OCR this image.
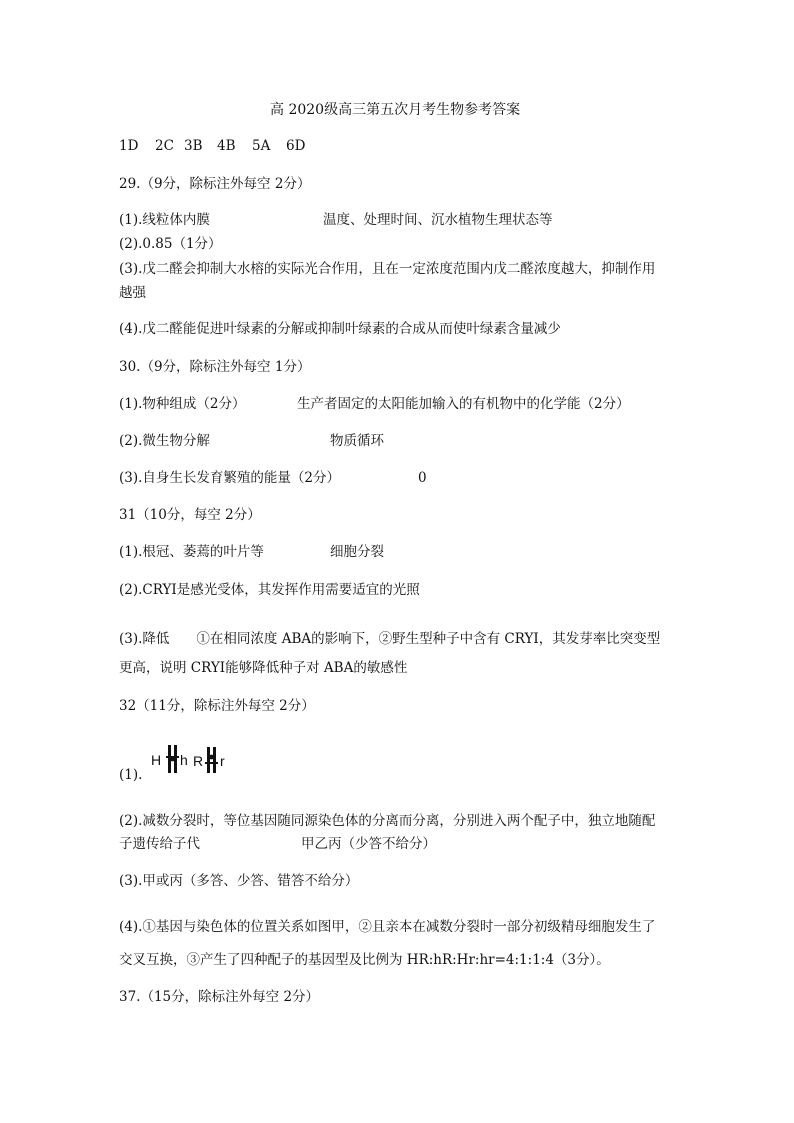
高 2020级高三第五次月考生物参考答案
1D 2C 3B 4B 5A 6D
29.（9分，除标注外每空 2分）
(1).线粒体内膜	温度、处理时间、沉水植物生理状态等
(2).0.85（1分）
(3).戊二醛会抑制大水榕的实际光合作用，且在一定浓度范围内戊二醛浓度越大，抑制作用
越强
(4).戊二醛能促进叶绿素的分解或抑制叶绿素的合成从而使叶绿素含量减少
30.（9分，除标注外每空 1分）
(1).物种组成（2分）	生产者固定的太阳能加输入的有机物中的化学能（2分）
(2).微生物分解	物质循环
(3).自身生长发育繁殖的能量（2分）	0
31（10分，每空 2分）
(1).根冠、萎蔫的叶片等	细胞分裂
(2).CRYI是感光受体，其发挥作用需要适宜的光照
(3).降低　　①在相同浓度 ABA的影响下，②野生型种子中含有 CRYI，其发芽率比突变型
更高，说明 CRYI能够降低种子对 ABA的敏感性
32（11分，除标注外每空 2分）
(1).
H h R r
(2).减数分裂时，等位基因随同源染色体的分离而分离，分别进入两个配子中，独立地随配
子遗传给子代	甲乙丙（少答不给分）
(3).甲或丙（多答、少答、错答不给分）
(4).①基因与染色体的位置关系如图甲，②且亲本在减数分裂时一部分初级精母细胞发生了
交叉互换，③产生了四种配子的基因型及比例为 HR:hR:Hr:hr=4:1:1:4（3分）。
37.（15分，除标注外每空 2分）
